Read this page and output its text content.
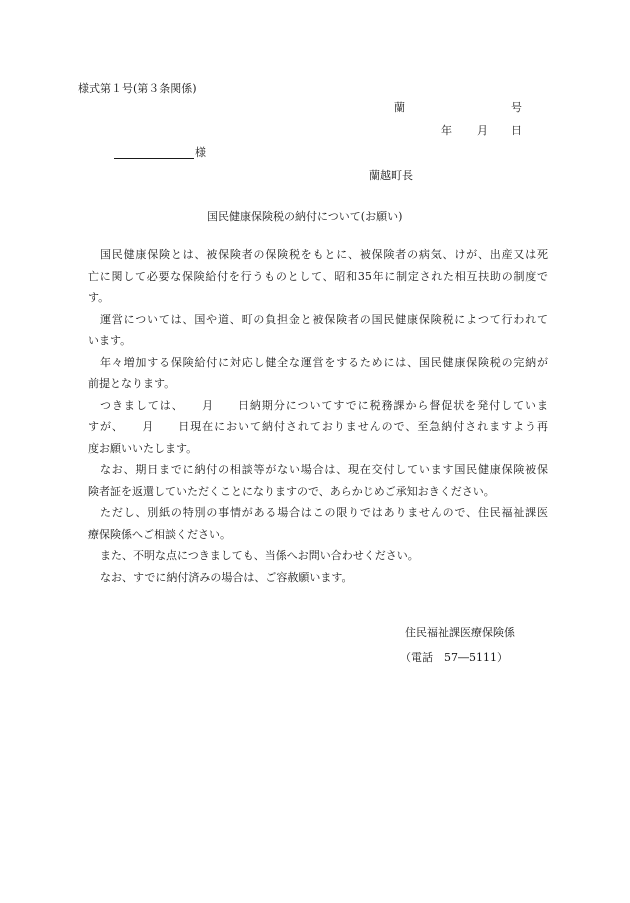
様式第１号(第３条関係)
蘭	号
年 月 日
様
蘭越町長
国民健康保険税の納付について(お願い)
国民健康保険とは、被保険者の保険税をもとに、被保険者の病気、けが、出産又は死
亡に関して必要な保険給付を行うものとして、昭和35年に制定された相互扶助の制度で
す。
運営については、国や道、町の負担金と被保険者の国民健康保険税によつて行われて
います。
年々増加する保険給付に対応し健全な運営をするためには、国民健康保険税の完納が
前提となります。
つきましては、　　月　　日納期分についてすでに税務課から督促状を発付していま
すが、　　月　　日現在において納付されておりませんので、至急納付されますよう再
度お願いいたします。
なお、期日までに納付の相談等がない場合は、現在交付しています国民健康保険被保
険者証を返還していただくことになりますので、あらかじめご承知おきください。
ただし、別紙の特別の事情がある場合はこの限りではありませんので、住民福祉課医
療保険係へご相談ください。
また、不明な点につきましても、当係へお問い合わせください。
なお、すでに納付済みの場合は、ご容赦願います。
住民福祉課医療保険係
（電話　57―5111）
